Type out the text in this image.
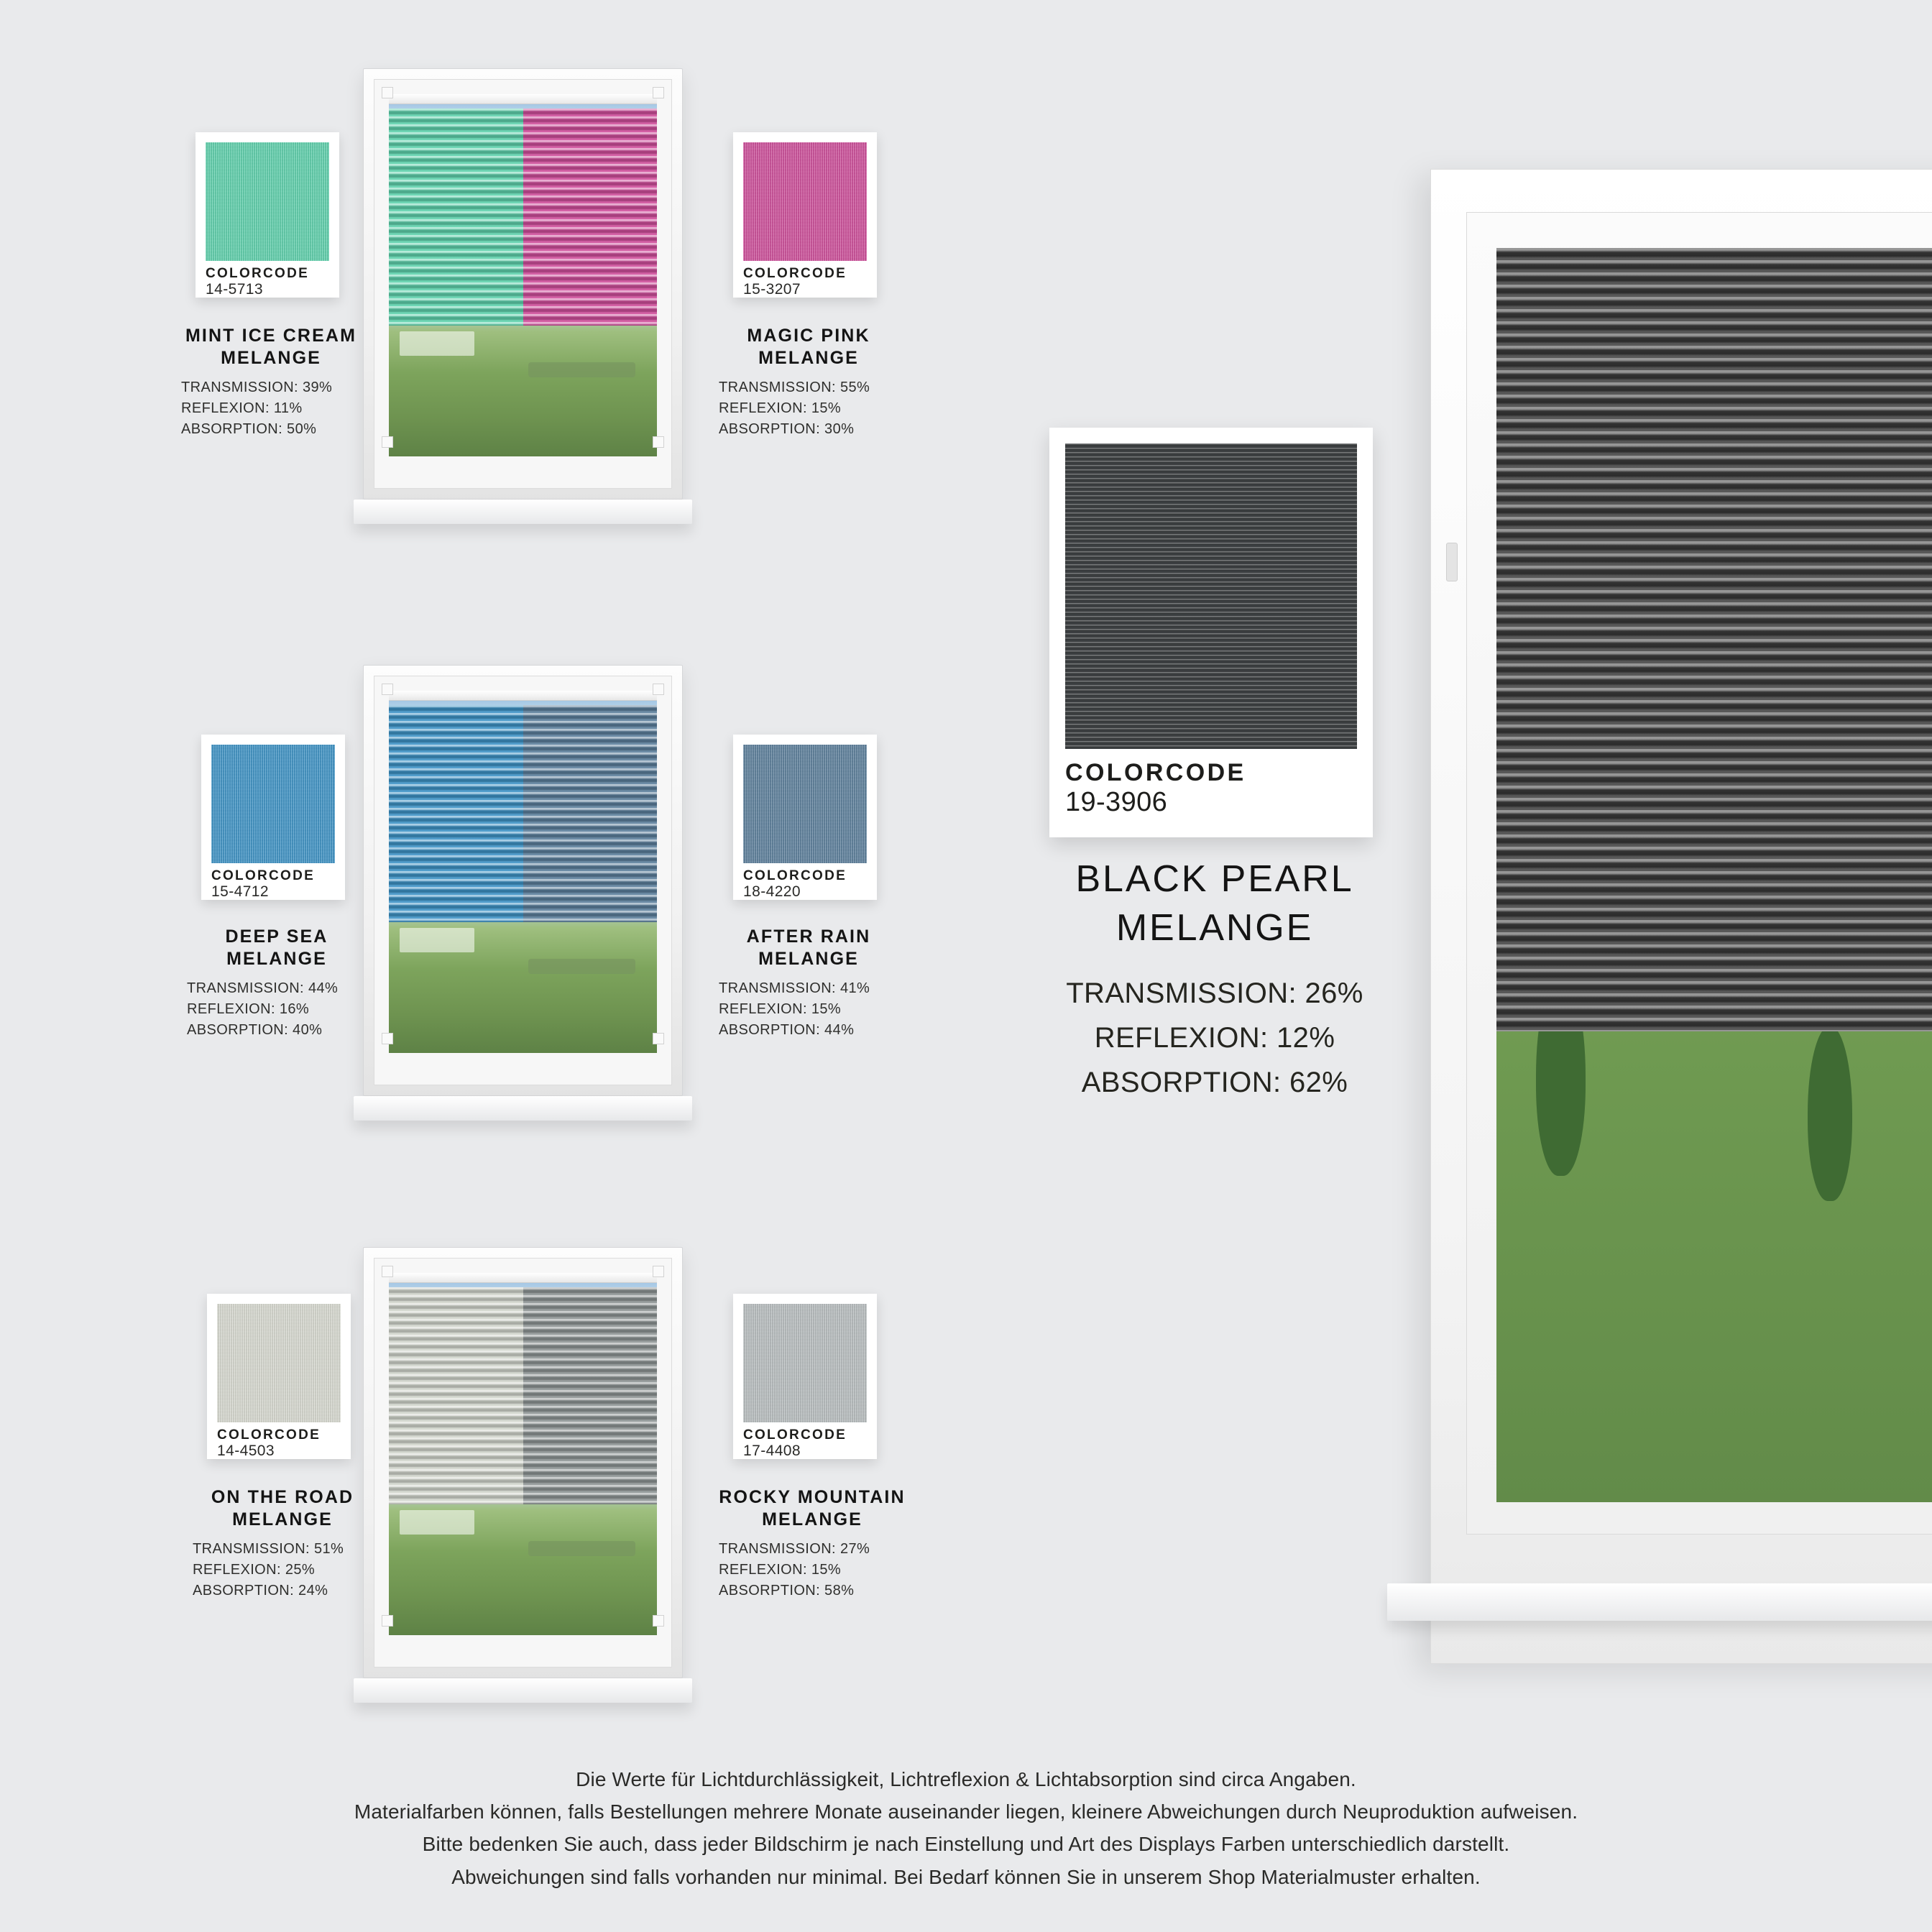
COLORCODE
14-5713
MINT ICE CREAM
MELANGE
TRANSMISSION: 39%
REFLEXION: 11%
ABSORPTION: 50%
COLORCODE
15-3207
MAGIC PINK
MELANGE
TRANSMISSION: 55%
REFLEXION: 15%
ABSORPTION: 30%
COLORCODE
15-4712
DEEP SEA
MELANGE
TRANSMISSION: 44%
REFLEXION: 16%
ABSORPTION: 40%
COLORCODE
18-4220
AFTER RAIN
MELANGE
TRANSMISSION: 41%
REFLEXION: 15%
ABSORPTION: 44%
COLORCODE
14-4503
ON THE ROAD
MELANGE
TRANSMISSION: 51%
REFLEXION: 25%
ABSORPTION: 24%
COLORCODE
17-4408
ROCKY MOUNTAIN
MELANGE
TRANSMISSION: 27%
REFLEXION: 15%
ABSORPTION: 58%
COLORCODE
19-3906
BLACK PEARL
MELANGE
TRANSMISSION: 26%
REFLEXION: 12%
ABSORPTION: 62%
Die Werte für Lichtdurchlässigkeit, Lichtreflexion & Lichtabsorption sind circa Angaben.
Materialfarben können, falls Bestellungen mehrere Monate auseinander liegen, kleinere Abweichungen durch Neuproduktion aufweisen.
Bitte bedenken Sie auch, dass jeder Bildschirm je nach Einstellung und Art des Displays Farben unterschiedlich darstellt.
Abweichungen sind falls vorhanden nur minimal. Bei Bedarf können Sie in unserem Shop Materialmuster erhalten.
